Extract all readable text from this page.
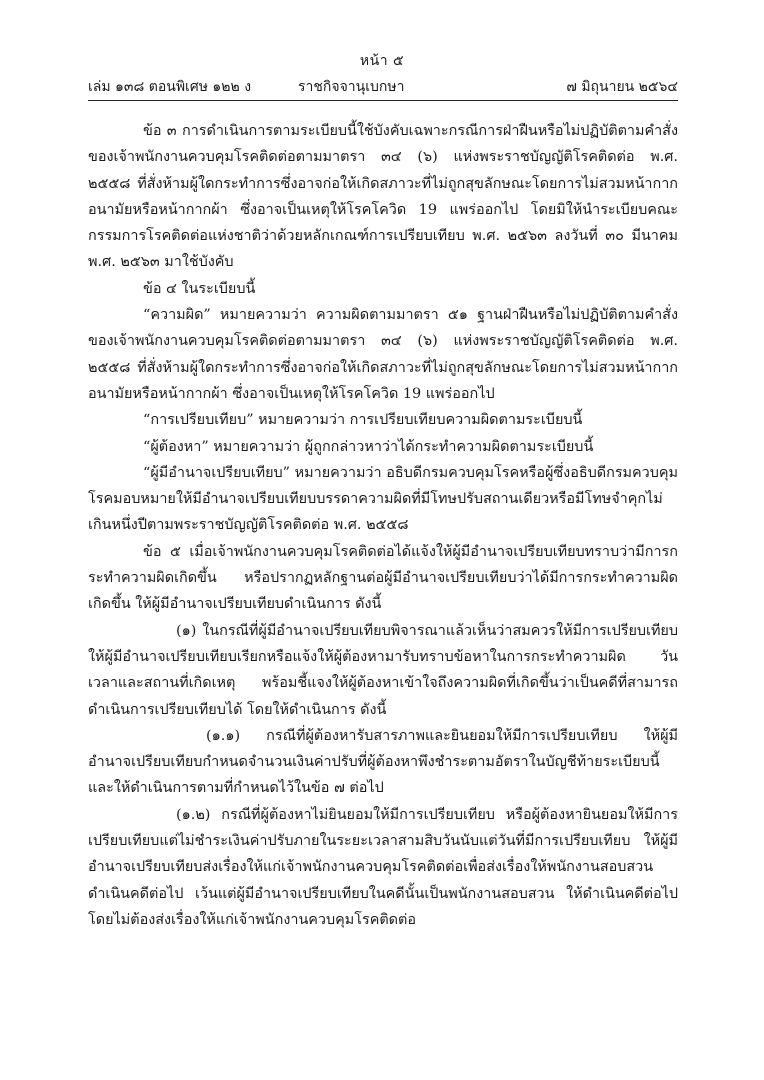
หน้า ๕
เล่ม ๑๓๘ ตอนพิเศษ ๑๒๒ ง	ราชกิจจานุเบกษา	๗ มิถุนายน ๒๕๖๔

ข้อ ๓ การดำเนินการตามระเบียบนี้ใช้บังคับเฉพาะกรณีการฝ่าฝืนหรือไม่ปฏิบัติตามคำสั่งของเจ้าพนักงานควบคุมโรคติดต่อตามมาตรา ๓๔ (๖) แห่งพระราชบัญญัติโรคติดต่อ พ.ศ. ๒๕๕๘ ที่สั่งห้ามผู้ใดกระทำการซึ่งอาจก่อให้เกิดสภาวะที่ไม่ถูกสุขลักษณะโดยการไม่สวมหน้ากากอนามัยหรือหน้ากากผ้า ซึ่งอาจเป็นเหตุให้โรคโควิด 19 แพร่ออกไป โดยมิให้นำระเบียบคณะกรรมการโรคติดต่อแห่งชาติว่าด้วยหลักเกณฑ์การเปรียบเทียบ พ.ศ. ๒๕๖๓ ลงวันที่ ๓๐ มีนาคม พ.ศ. ๒๕๖๓ มาใช้บังคับ

ข้อ ๔ ในระเบียบนี้

“ความผิด” หมายความว่า ความผิดตามมาตรา ๕๑ ฐานฝ่าฝืนหรือไม่ปฏิบัติตามคำสั่งของเจ้าพนักงานควบคุมโรคติดต่อตามมาตรา ๓๔ (๖) แห่งพระราชบัญญัติโรคติดต่อ พ.ศ. ๒๕๕๘ ที่สั่งห้ามผู้ใดกระทำการซึ่งอาจก่อให้เกิดสภาวะที่ไม่ถูกสุขลักษณะโดยการไม่สวมหน้ากากอนามัยหรือหน้ากากผ้า ซึ่งอาจเป็นเหตุให้โรคโควิด 19 แพร่ออกไป

“การเปรียบเทียบ” หมายความว่า การเปรียบเทียบความผิดตามระเบียบนี้

“ผู้ต้องหา” หมายความว่า ผู้ถูกกล่าวหาว่าได้กระทำความผิดตามระเบียบนี้

“ผู้มีอำนาจเปรียบเทียบ” หมายความว่า อธิบดีกรมควบคุมโรคหรือผู้ซึ่งอธิบดีกรมควบคุมโรคมอบหมายให้มีอำนาจเปรียบเทียบบรรดาความผิดที่มีโทษปรับสถานเดียวหรือมีโทษจำคุกไม่เกินหนึ่งปีตามพระราชบัญญัติโรคติดต่อ พ.ศ. ๒๕๕๘

ข้อ ๕ เมื่อเจ้าพนักงานควบคุมโรคติดต่อได้แจ้งให้ผู้มีอำนาจเปรียบเทียบทราบว่ามีการกระทำความผิดเกิดขึ้น หรือปรากฏหลักฐานต่อผู้มีอำนาจเปรียบเทียบว่าได้มีการกระทำความผิดเกิดขึ้น ให้ผู้มีอำนาจเปรียบเทียบดำเนินการ ดังนี้

(๑) ในกรณีที่ผู้มีอำนาจเปรียบเทียบพิจารณาแล้วเห็นว่าสมควรให้มีการเปรียบเทียบ ให้ผู้มีอำนาจเปรียบเทียบเรียกหรือแจ้งให้ผู้ต้องหามารับทราบข้อหาในการกระทำความผิด วัน เวลาและสถานที่เกิดเหตุ พร้อมชี้แจงให้ผู้ต้องหาเข้าใจถึงความผิดที่เกิดขึ้นว่าเป็นคดีที่สามารถดำเนินการเปรียบเทียบได้ โดยให้ดำเนินการ ดังนี้

(๑.๑) กรณีที่ผู้ต้องหารับสารภาพและยินยอมให้มีการเปรียบเทียบ ให้ผู้มีอำนาจเปรียบเทียบกำหนดจำนวนเงินค่าปรับที่ผู้ต้องหาพึงชำระตามอัตราในบัญชีท้ายระเบียบนี้ และให้ดำเนินการตามที่กำหนดไว้ในข้อ ๗ ต่อไป

(๑.๒) กรณีที่ผู้ต้องหาไม่ยินยอมให้มีการเปรียบเทียบ หรือผู้ต้องหายินยอมให้มีการเปรียบเทียบแต่ไม่ชำระเงินค่าปรับภายในระยะเวลาสามสิบวันนับแต่วันที่มีการเปรียบเทียบ ให้ผู้มีอำนาจเปรียบเทียบส่งเรื่องให้แก่เจ้าพนักงานควบคุมโรคติดต่อเพื่อส่งเรื่องให้พนักงานสอบสวนดำเนินคดีต่อไป เว้นแต่ผู้มีอำนาจเปรียบเทียบในคดีนั้นเป็นพนักงานสอบสวน ให้ดำเนินคดีต่อไปโดยไม่ต้องส่งเรื่องให้แก่เจ้าพนักงานควบคุมโรคติดต่อ
